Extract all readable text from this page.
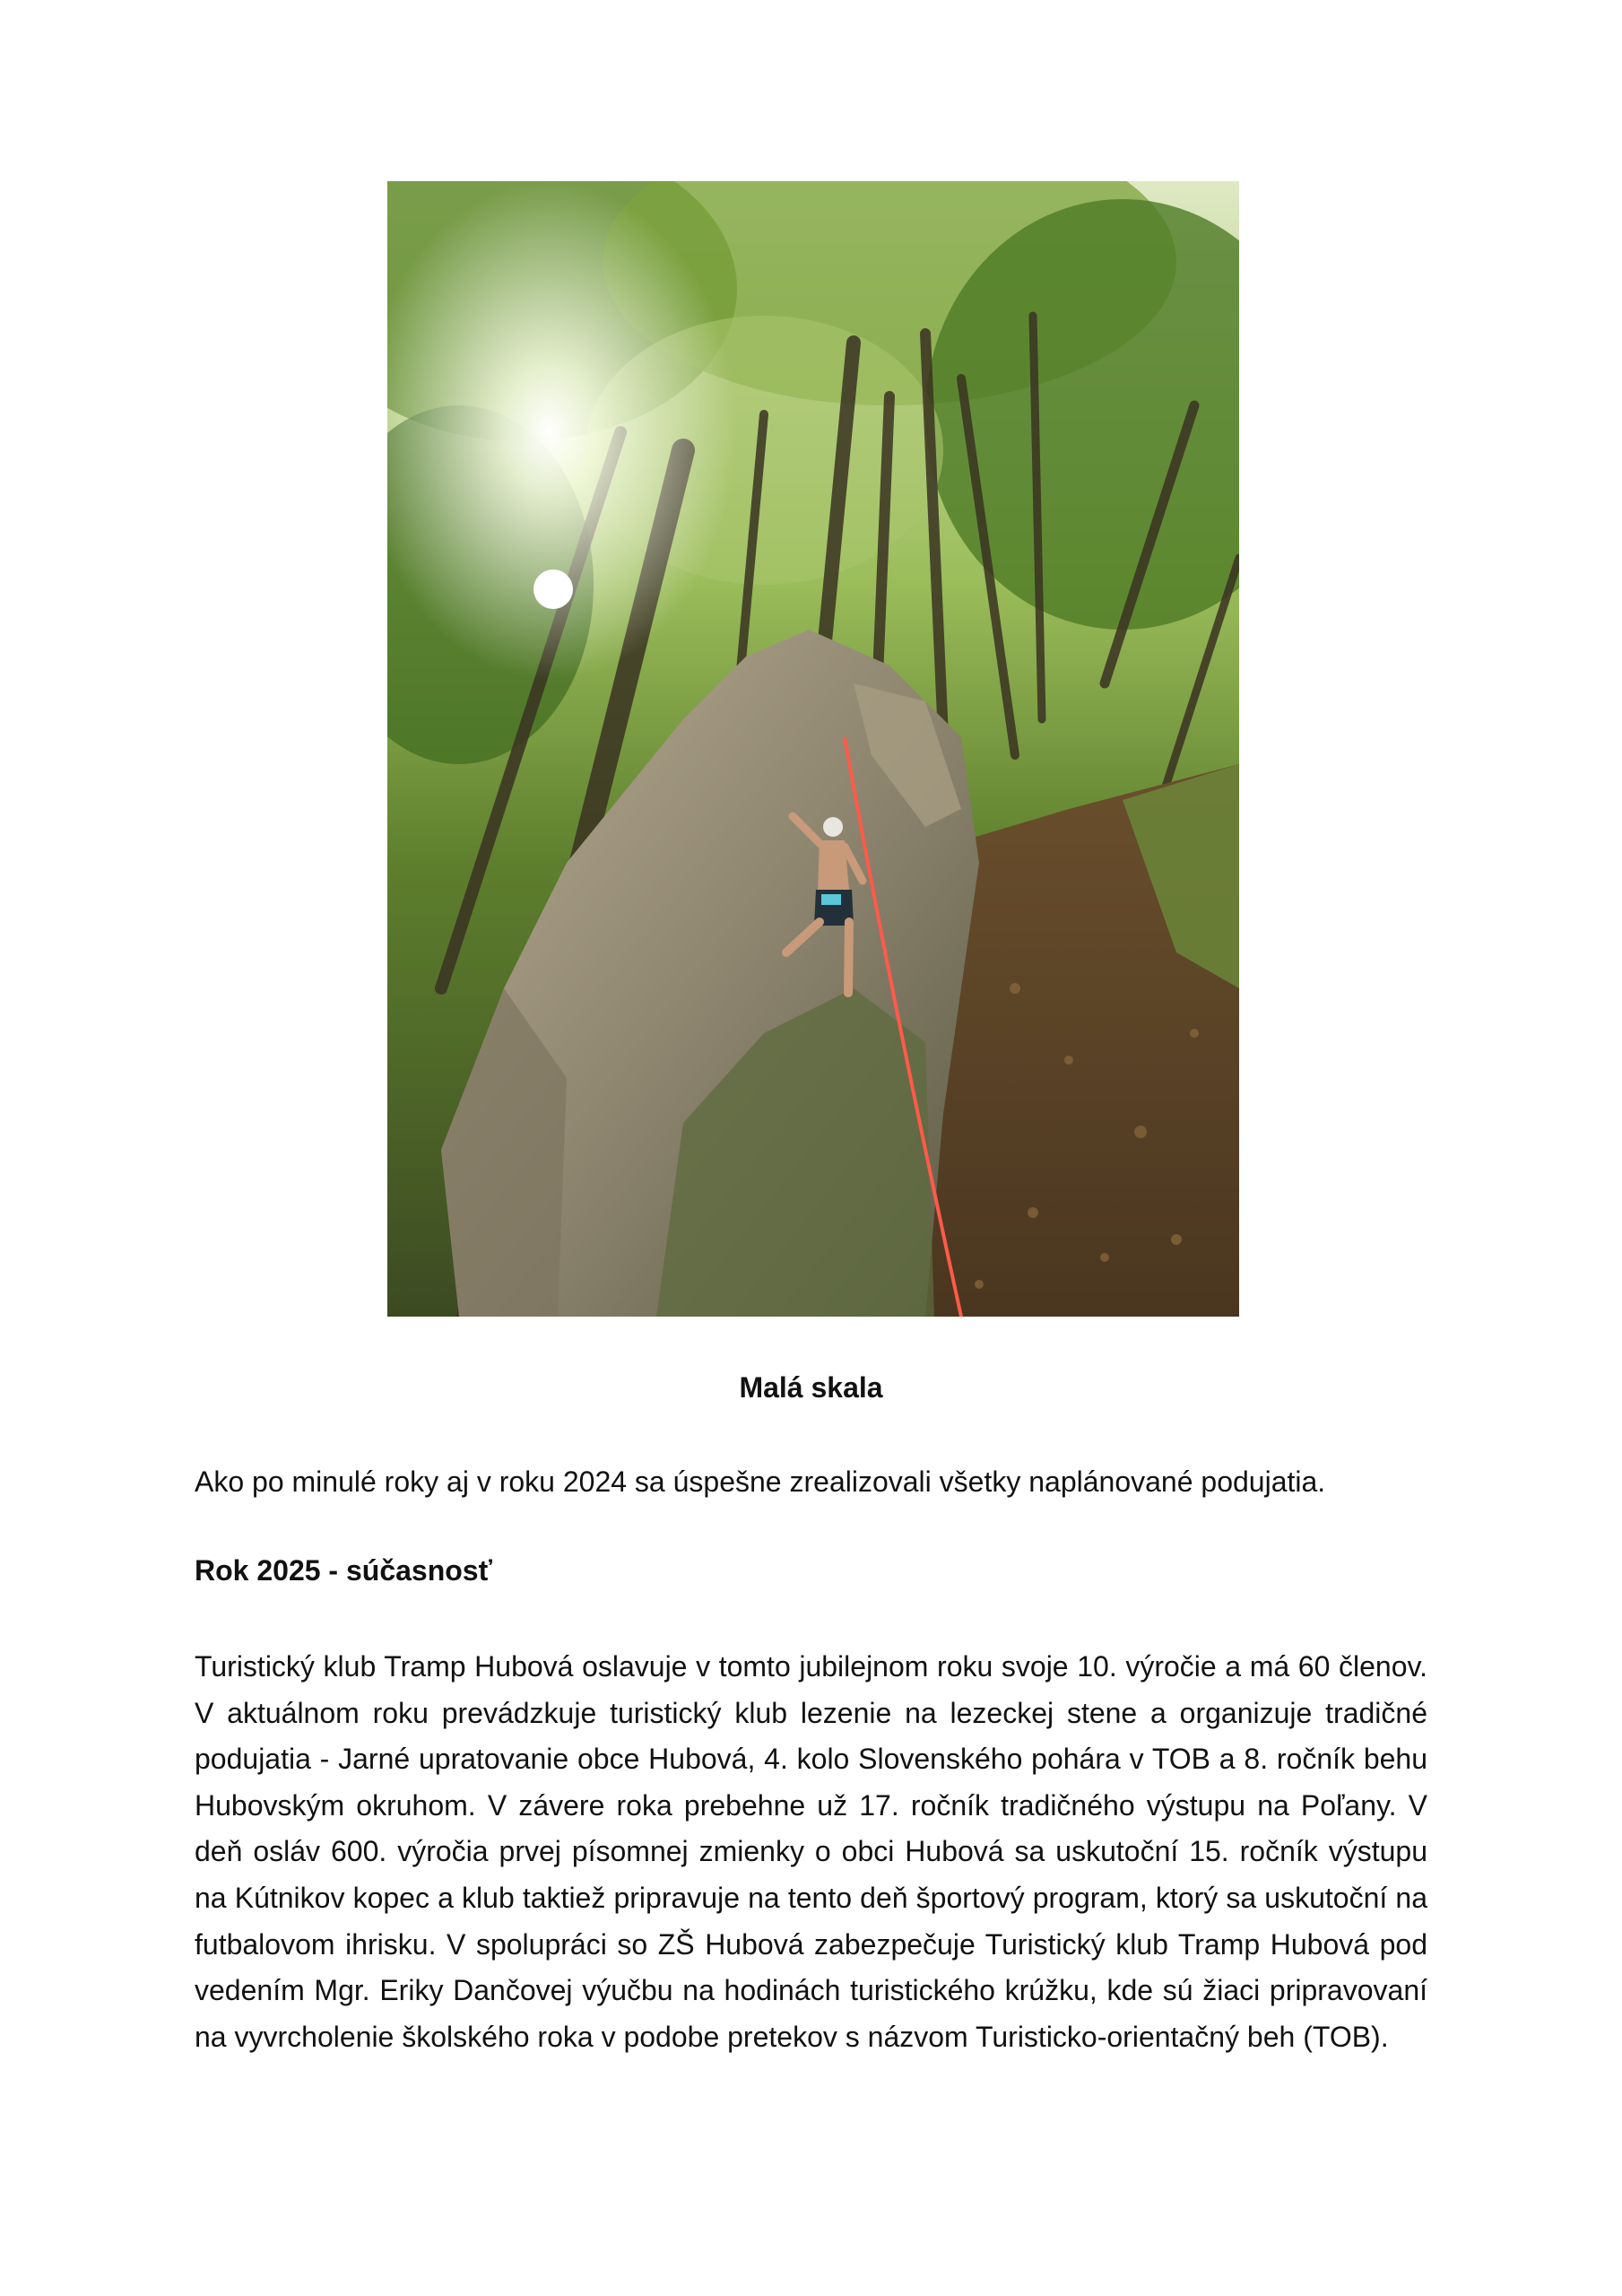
Malá skala
Ako po minulé roky aj v roku 2024 sa úspešne zrealizovali všetky naplánované podujatia.
Rok 2025 - súčasnosť
Turistický klub Tramp Hubová oslavuje v tomto jubilejnom roku svoje 10. výročie a má 60 členov. V aktuálnom roku prevádzkuje turistický klub lezenie na lezeckej stene a organizuje tradičné podujatia - Jarné upratovanie obce Hubová, 4. kolo Slovenského pohára v TOB a 8. ročník behu Hubovským okruhom. V závere roka prebehne už 17. ročník tradičného výstupu na Poľany. V deň osláv 600. výročia prvej písomnej zmienky o obci Hubová sa uskutoční 15. ročník výstupu na Kútnikov kopec a klub taktiež pripravuje na tento deň športový program, ktorý sa uskutoční na futbalovom ihrisku. V spolupráci so ZŠ Hubová zabezpečuje Turistický klub Tramp Hubová pod vedením Mgr. Eriky Dančovej výučbu na hodinách turistického krúžku, kde sú žiaci pripravovaní na vyvrcholenie školského roka v podobe pretekov s názvom Turisticko-orientačný beh (TOB).
